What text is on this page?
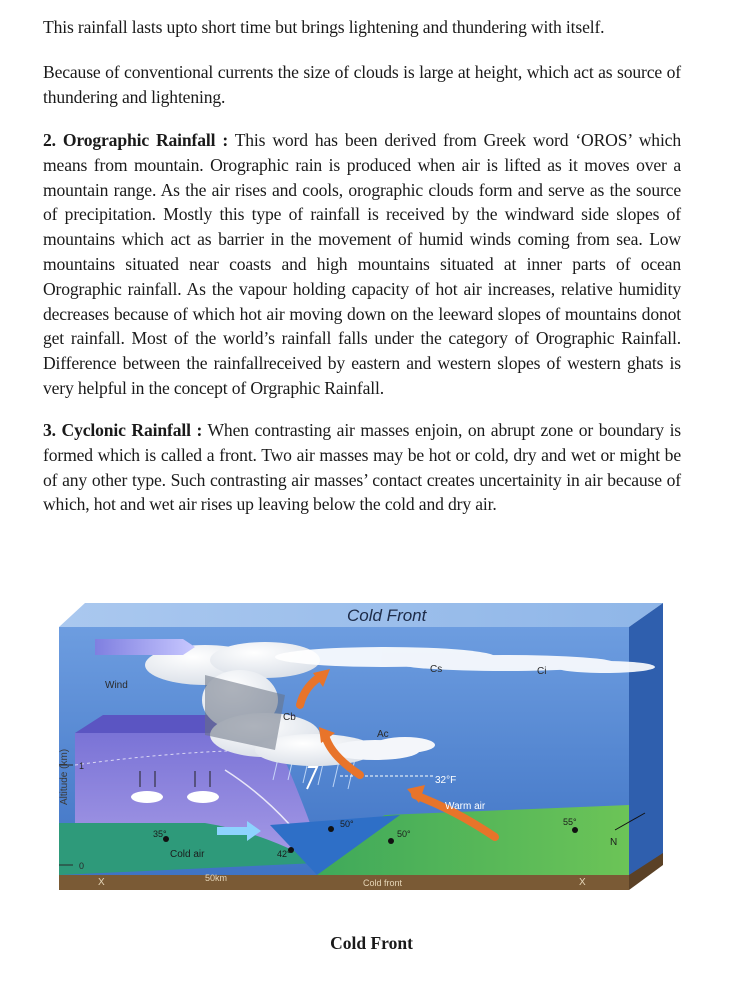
This rainfall lasts upto short time but brings lightening and thundering with itself.

Because of conventional currents the size of clouds is large at height, which act as source of thundering and lightening.

2. Orographic Rainfall : This word has been derived from Greek word ‘OROS’ which means from mountain. Orographic rain is produced when air is lifted as it moves over a mountain range. As the air rises and cools, orographic clouds form and serve as the source of precipitation. Mostly this type of rainfall is received by the windward side slopes of mountains which act as barrier in the movement of humid winds coming from sea. Low mountains situated near coasts and high mountains situated at inner parts of ocean Orographic rainfall. As the vapour holding capacity of hot air increases, relative humidity decreases because of which hot air moving down on the leeward slopes of mountains donot get rainfall. Most of the world’s rainfall falls under the category of Orographic Rainfall. Difference between the rainfallreceived by eastern and western slopes of western ghats is very helpful in the concept of Orgraphic Rainfall.

3. Cyclonic Rainfall : When contrasting air masses enjoin, on abrupt zone or boundary is formed which is called a front. Two air masses may be hot or cold, dry and wet or might be of any other type. Such contrasting air masses’ contact creates uncertainity in air because of which, hot and wet air rises up leaving below the cold and dry air.

Cold Front
Wind
Cb
Cs	Ci
Ac
32°F
Warm air
Cold air
35°
42°
50°
50°
55°
50km	Cold front
X	X
N
Altitude (km) 1
0
Cold Front
